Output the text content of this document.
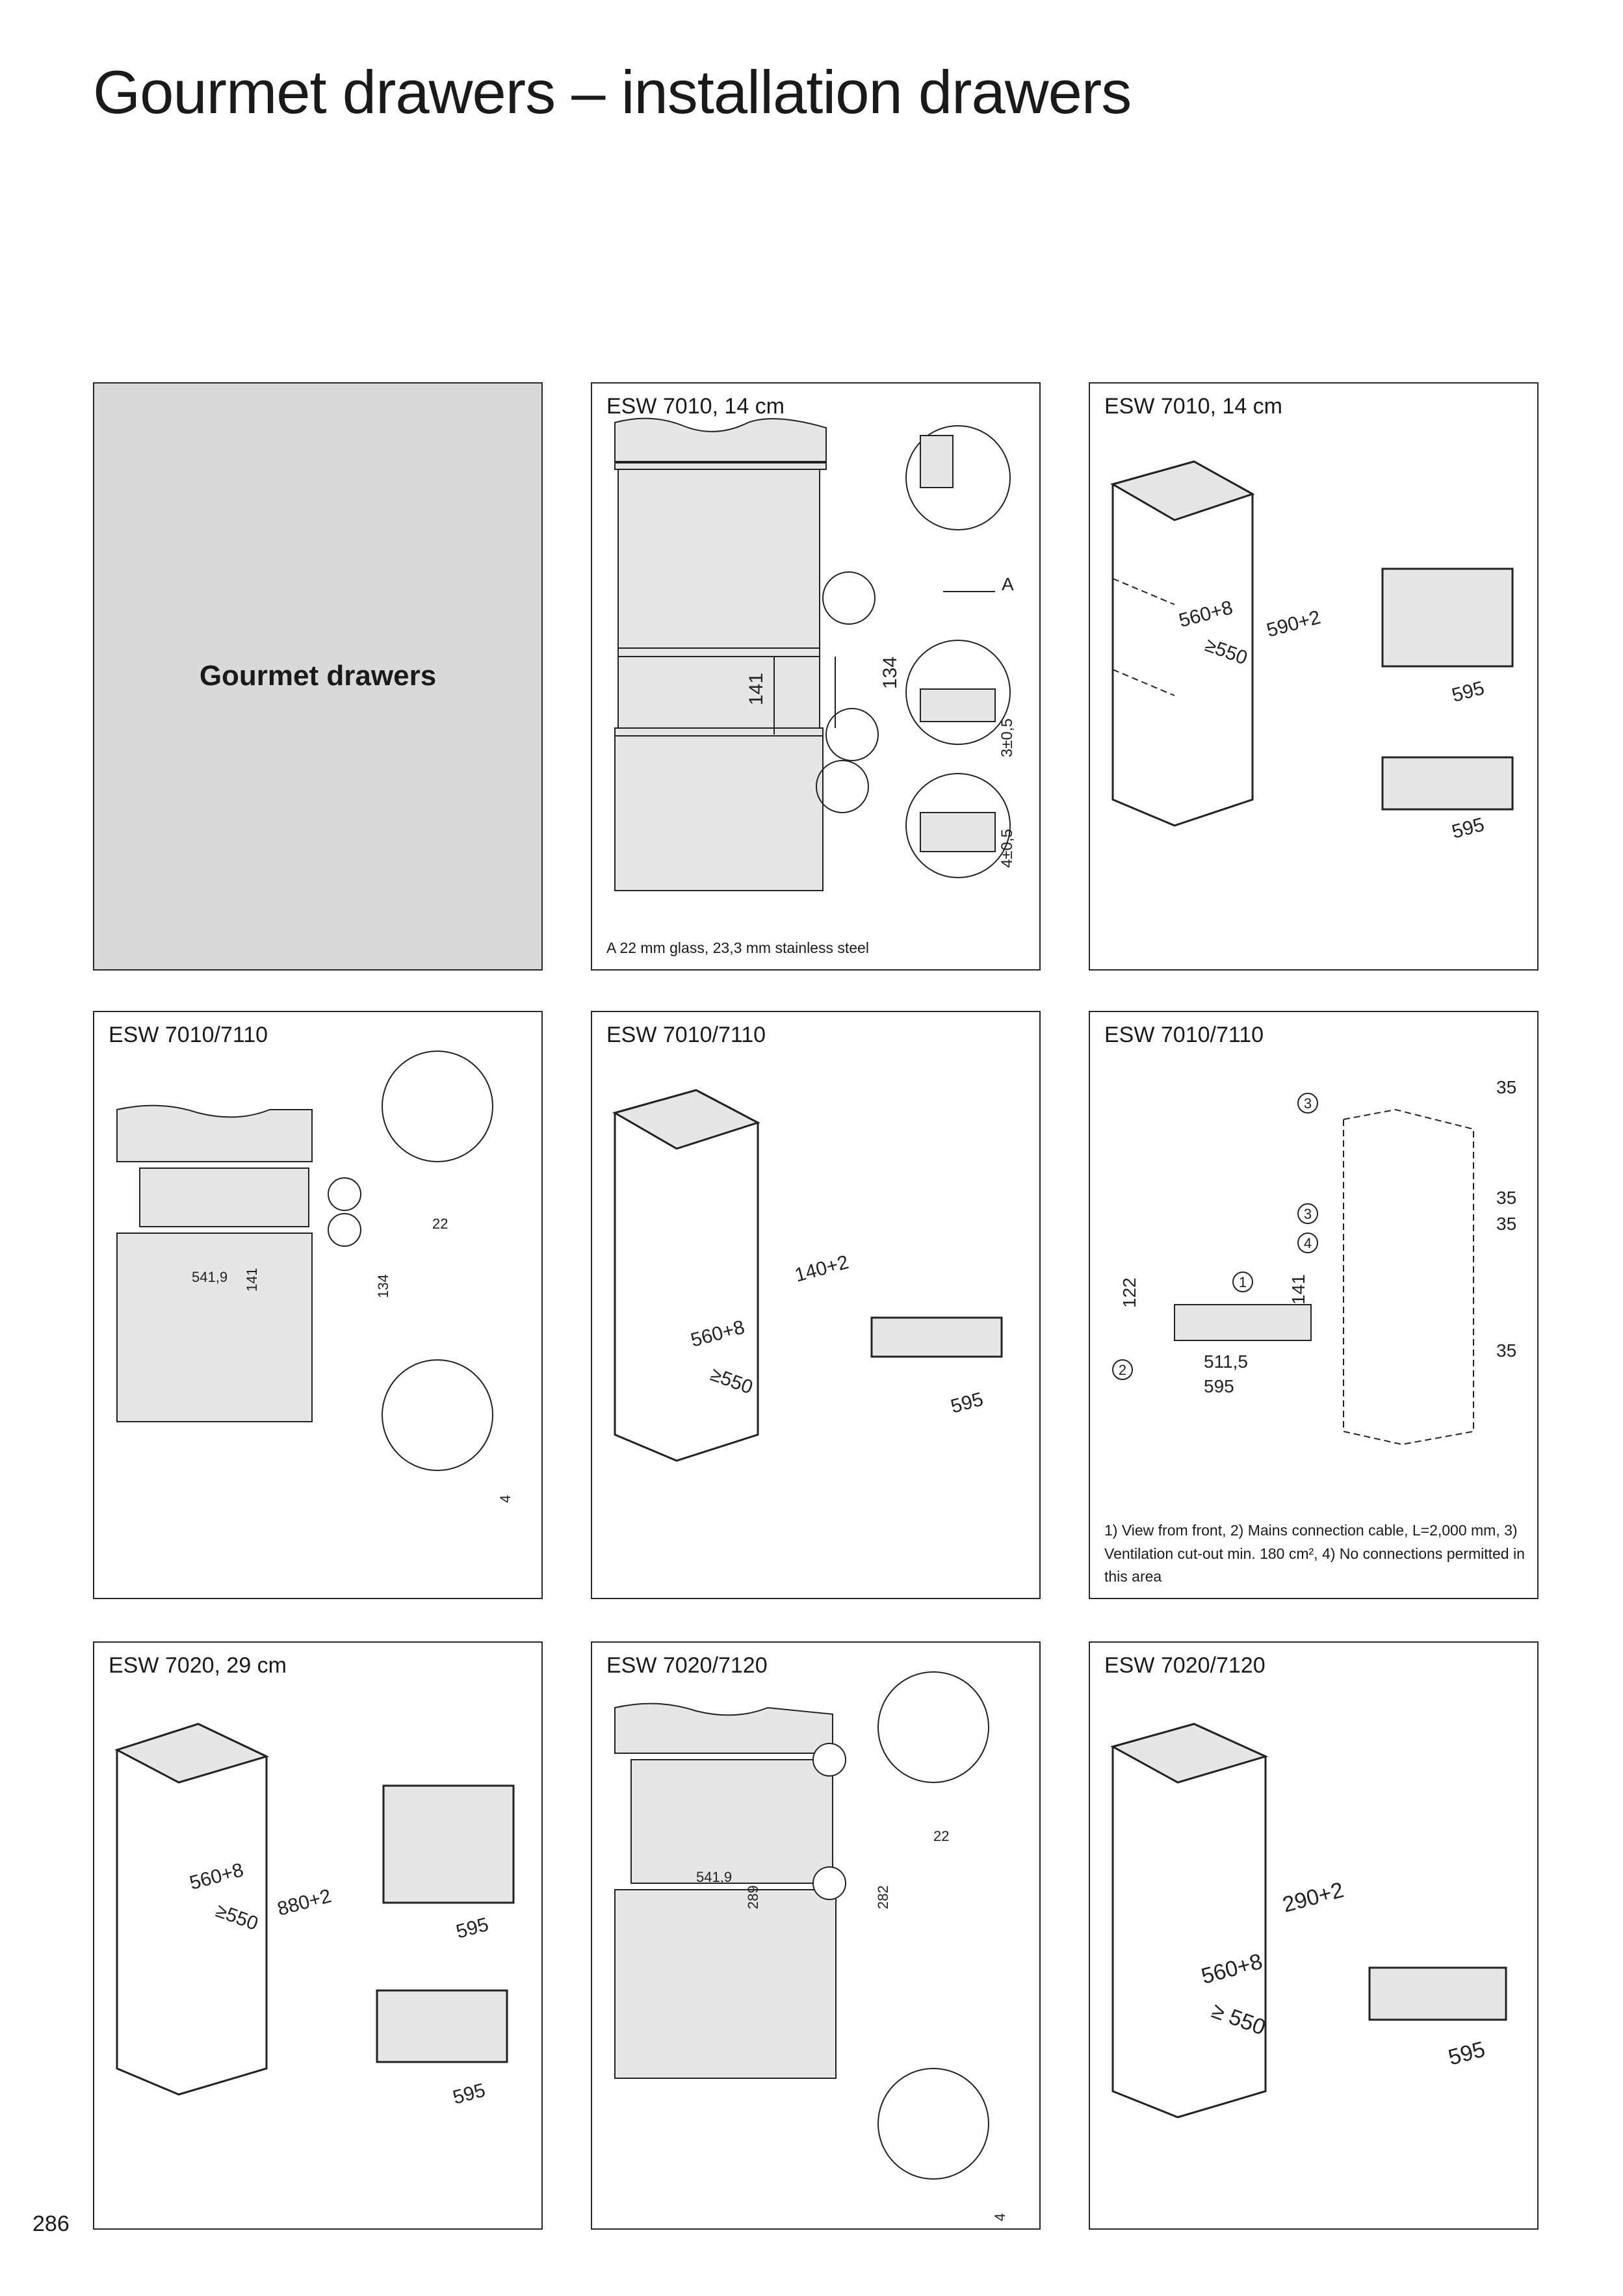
Gourmet drawers – installation drawers
Gourmet drawers	141	134
A
3±0,5
4±0,5
ESW 7010, 14 cm
A 22 mm glass, 23,3 mm stainless steel
560+8
≥550
590+2
595
595
ESW 7010, 14 cm
541,9 141	134
22
4
ESW 7010/7110
140+2
560+8
≥550
595
ESW 7010/7110
3
3
4
1
2
35
35
35
35
122	141
511,5
595
ESW 7010/7110
1) View from front, 2) Mains connection cable, L=2,000 mm, 3) Ventilation cut-out min. 180 cm², 4) No connections permitted in this area
560+8
≥550 880+2
595
595
ESW 7020, 29 cm
541,9
289	282
22
4
ESW 7020/7120
290+2
560+8
≥ 550
595
ESW 7020/7120
286
